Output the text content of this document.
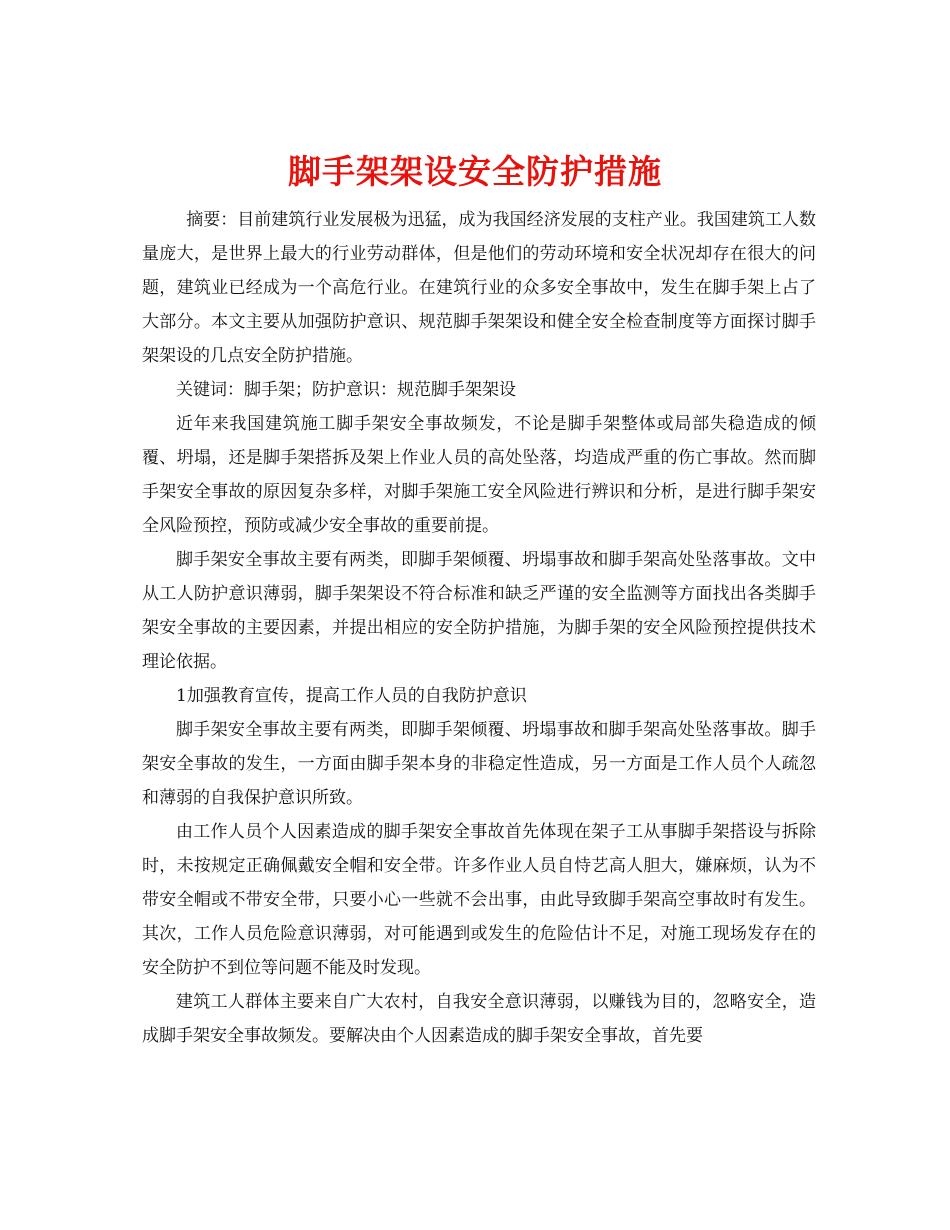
脚手架架设安全防护措施

摘要：目前建筑行业发展极为迅猛，成为我国经济发展的支柱产业。我国建筑工人数量庞大，是世界上最大的行业劳动群体，但是他们的劳动环境和安全状况却存在很大的问题，建筑业已经成为一个高危行业。在建筑行业的众多安全事故中，发生在脚手架上占了大部分。本文主要从加强防护意识、规范脚手架架设和健全安全检查制度等方面探讨脚手架架设的几点安全防护措施。

关键词：脚手架；防护意识：规范脚手架架设

近年来我国建筑施工脚手架安全事故频发，不论是脚手架整体或局部失稳造成的倾覆、坍塌，还是脚手架搭拆及架上作业人员的高处坠落，均造成严重的伤亡事故。然而脚手架安全事故的原因复杂多样，对脚手架施工安全风险进行辨识和分析，是进行脚手架安全风险预控，预防或减少安全事故的重要前提。

脚手架安全事故主要有两类，即脚手架倾覆、坍塌事故和脚手架高处坠落事故。文中从工人防护意识薄弱，脚手架架设不符合标准和缺乏严谨的安全监测等方面找出各类脚手架安全事故的主要因素，并提出相应的安全防护措施，为脚手架的安全风险预控提供技术理论依据。

1加强教育宣传，提高工作人员的自我防护意识

脚手架安全事故主要有两类，即脚手架倾覆、坍塌事故和脚手架高处坠落事故。脚手架安全事故的发生，一方面由脚手架本身的非稳定性造成，另一方面是工作人员个人疏忽和薄弱的自我保护意识所致。

由工作人员个人因素造成的脚手架安全事故首先体现在架子工从事脚手架搭设与拆除时，未按规定正确佩戴安全帽和安全带。许多作业人员自恃艺高人胆大，嫌麻烦，认为不带安全帽或不带安全带，只要小心一些就不会出事，由此导致脚手架高空事故时有发生。其次，工作人员危险意识薄弱，对可能遇到或发生的危险估计不足，对施工现场发存在的安全防护不到位等问题不能及时发现。

建筑工人群体主要来自广大农村，自我安全意识薄弱，以赚钱为目的，忽略安全，造成脚手架安全事故频发。要解决由个人因素造成的脚手架安全事故，首先要
